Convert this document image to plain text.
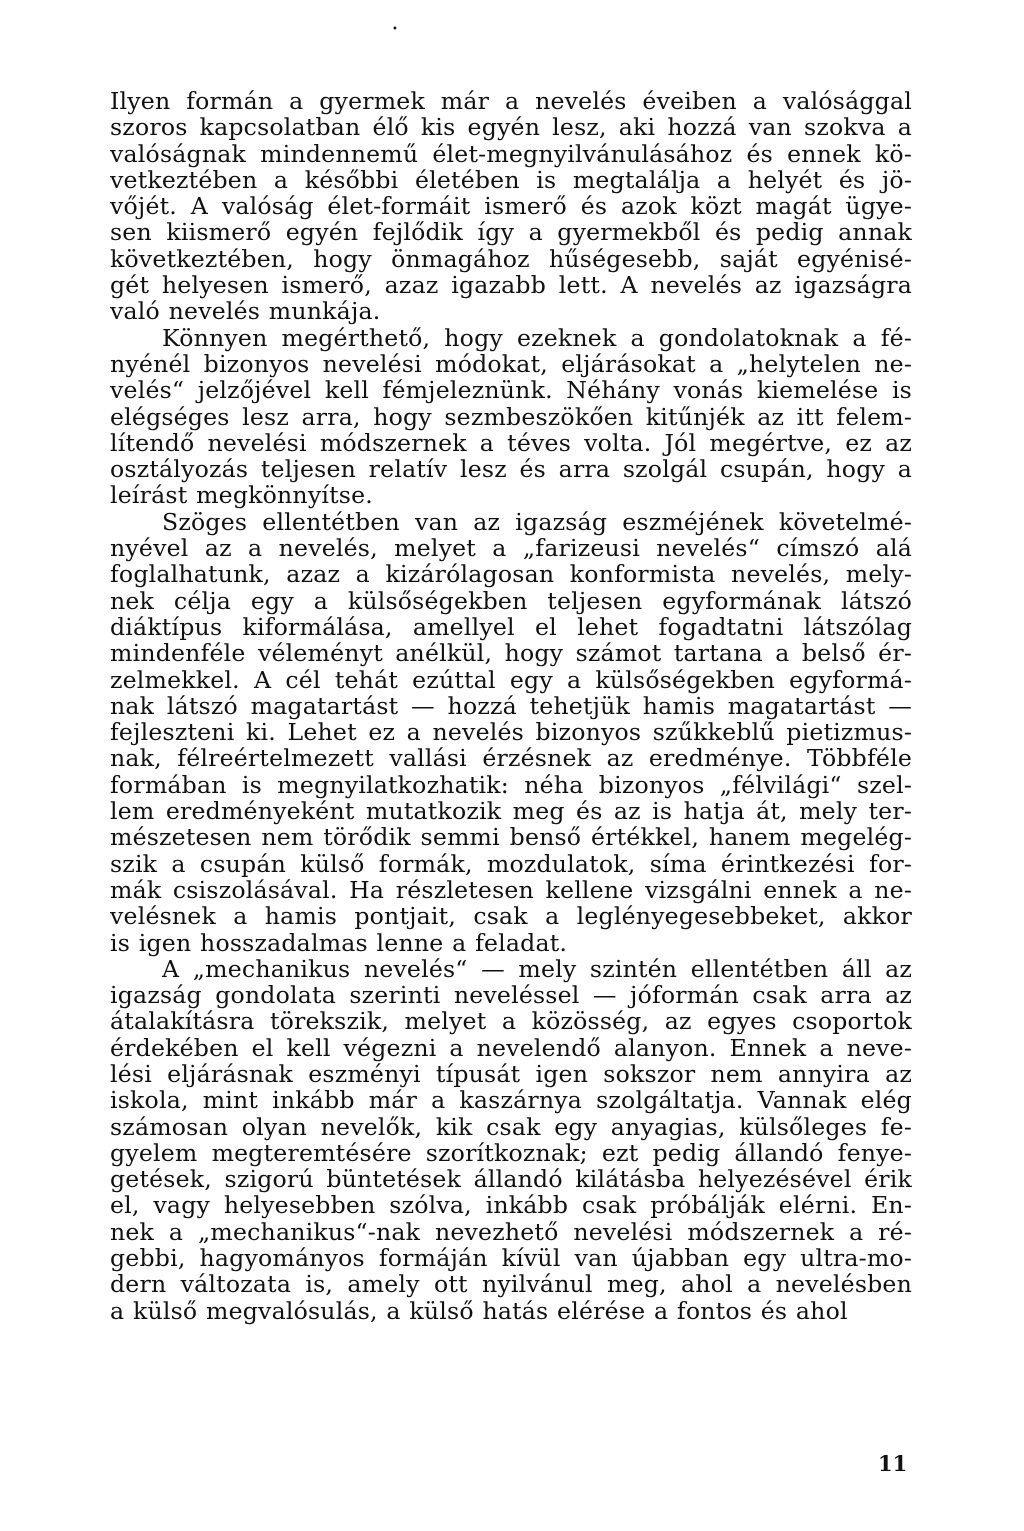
•

Ilyen formán a gyermek már a nevelés éveiben a valósággal
szoros kapcsolatban élő kis egyén lesz, aki hozzá van szokva a
valóságnak mindennemű élet-megnyilvánulásához és ennek kö-
vetkeztében a későbbi életében is megtalálja a helyét és jö-
vőjét. A valóság élet-formáit ismerő és azok közt magát ügye-
sen kiismerő egyén fejlődik így a gyermekből és pedig annak
következtében, hogy önmagához hűségesebb, saját egyénisé-
gét helyesen ismerő, azaz igazabb lett. A nevelés az igazságra
való nevelés munkája.

Könnyen megérthető, hogy ezeknek a gondolatoknak a fé-
nyénél bizonyos nevelési módokat, eljárásokat a „helytelen ne-
velés“ jelzőjével kell fémjeleznünk. Néhány vonás kiemelése is
elégséges lesz arra, hogy sezmbeszökően kitűnjék az itt felem-
lítendő nevelési módszernek a téves volta. Jól megértve, ez az
osztályozás teljesen relatív lesz és arra szolgál csupán, hogy a
leírást megkönnyítse.

Szöges ellentétben van az igazság eszméjének követelmé-
nyével az a nevelés, melyet a „farizeusi nevelés“ címszó alá
foglalhatunk, azaz a kizárólagosan konformista nevelés, mely-
nek célja egy a külsőségekben teljesen egyformának látszó
diáktípus kiformálása, amellyel el lehet fogadtatni látszólag
mindenféle véleményt anélkül, hogy számot tartana a belső ér-
zelmekkel. A cél tehát ezúttal egy a külsőségekben egyformá-
nak látszó magatartást — hozzá tehetjük hamis magatartást —
fejleszteni ki. Lehet ez a nevelés bizonyos szűkkeblű pietizmus-
nak, félreértelmezett vallási érzésnek az eredménye. Többféle
formában is megnyilatkozhatik: néha bizonyos „félvilági“ szel-
lem eredményeként mutatkozik meg és az is hatja át, mely ter-
mészetesen nem törődik semmi benső értékkel, hanem megelég-
szik a csupán külső formák, mozdulatok, síma érintkezési for-
mák csiszolásával. Ha részletesen kellene vizsgálni ennek a ne-
velésnek a hamis pontjait, csak a leglényegesebbeket, akkor
is igen hosszadalmas lenne a feladat.

A „mechanikus nevelés“ — mely szintén ellentétben áll az
igazság gondolata szerinti neveléssel — jóformán csak arra az
átalakításra törekszik, melyet a közösség, az egyes csoportok
érdekében el kell végezni a nevelendő alanyon. Ennek a neve-
lési eljárásnak eszményi típusát igen sokszor nem annyira az
iskola, mint inkább már a kaszárnya szolgáltatja. Vannak elég
számosan olyan nevelők, kik csak egy anyagias, külsőleges fe-
gyelem megteremtésére szorítkoznak; ezt pedig állandó fenye-
getések, szigorú büntetések állandó kilátásba helyezésével érik
el, vagy helyesebben szólva, inkább csak próbálják elérni. En-
nek a „mechanikus“-nak nevezhető nevelési módszernek a ré-
gebbi, hagyományos formáján kívül van újabban egy ultra-mo-
dern változata is, amely ott nyilvánul meg, ahol a nevelésben
a külső megvalósulás, a külső hatás elérése a fontos és ahol

11
